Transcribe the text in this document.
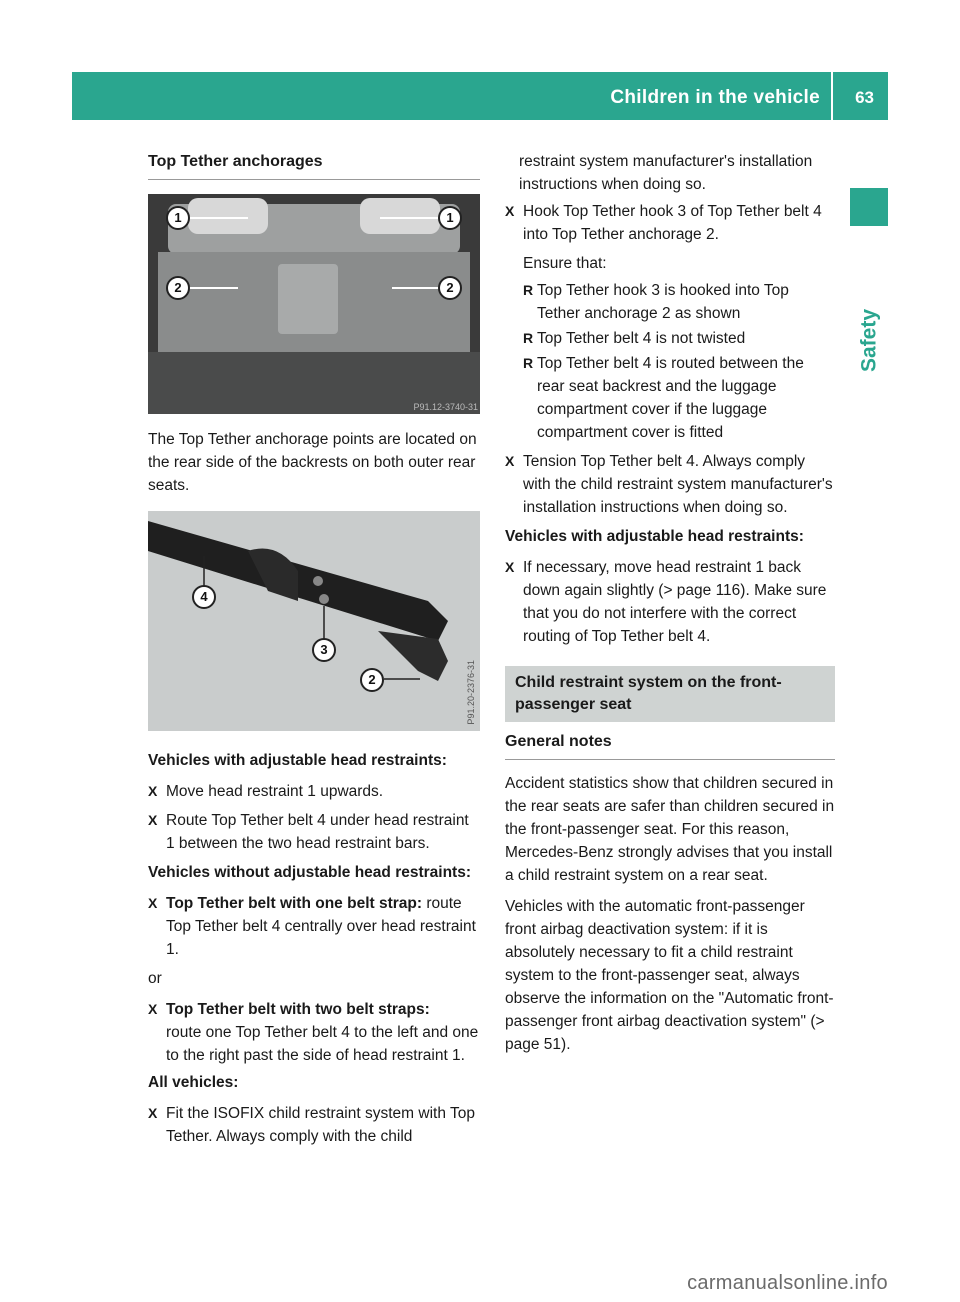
Children in the vehicle 63
Safety
Top Tether anchorages
1	1
2	2
P91.12-3740-31

The Top Tether anchorage points are located on the rear side of the backrests on both outer rear seats.

4
3
2	P91.20-2376-31

Vehicles with adjustable head restraints:

X Move head restraint 1 upwards.

X Route Top Tether belt 4 under head restraint 1 between the two head restraint bars.

Vehicles without adjustable head restraints:

X Top Tether belt with one belt strap: route Top Tether belt 4 centrally over head restraint 1.

or

X Top Tether belt with two belt straps:

route one Top Tether belt 4 to the left and one to the right past the side of head restraint 1.

All vehicles:

X Fit the ISOFIX child restraint system with Top Tether. Always comply with the child

restraint system manufacturer's installation instructions when doing so.

X Hook Top Tether hook 3 of Top Tether belt 4 into Top Tether anchorage 2.

Ensure that:

R Top Tether hook 3 is hooked into Top Tether anchorage 2 as shown

R Top Tether belt 4 is not twisted

R Top Tether belt 4 is routed between the rear seat backrest and the luggage compartment cover if the luggage compartment cover is fitted

X Tension Top Tether belt 4. Always comply with the child restraint system manufacturer's installation instructions when doing so.

Vehicles with adjustable head restraints:

X If necessary, move head restraint 1 back down again slightly (> page 116). Make sure that you do not interfere with the correct routing of Top Tether belt 4.

Child restraint system on the front-passenger seat
General notes

Accident statistics show that children secured in the rear seats are safer than children secured in the front-passenger seat. For this reason, Mercedes-Benz strongly advises that you install a child restraint system on a rear seat.

Vehicles with the automatic front-passenger front airbag deactivation system: if it is absolutely necessary to fit a child restraint system to the front-passenger seat, always observe the information on the "Automatic front-passenger front airbag deactivation system" (> page 51).

carmanualsonline.info
